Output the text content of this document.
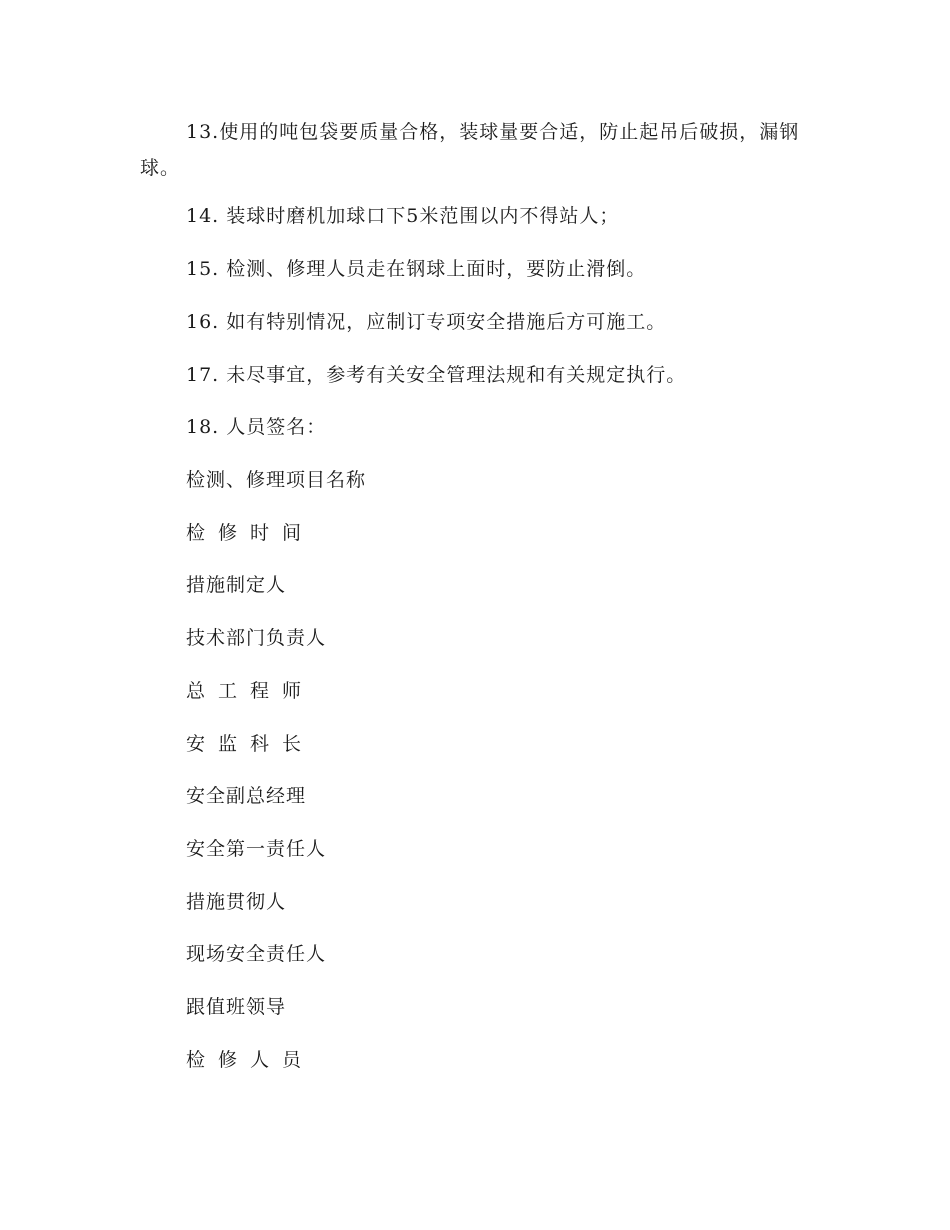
13.使用的吨包袋要质量合格，装球量要合适，防止起吊后破损，漏钢球。
14. 装球时磨机加球口下5米范围以内不得站人；
15. 检测、修理人员走在钢球上面时，要防止滑倒。
16. 如有特别情况，应制订专项安全措施后方可施工。
17. 未尽事宜，参考有关安全管理法规和有关规定执行。
18. 人员签名：
检测、修理项目名称
检修时间
措施制定人
技术部门负责人
总工程师
安监科长
安全副总经理
安全第一责任人
措施贯彻人
现场安全责任人
跟值班领导
检修人员
